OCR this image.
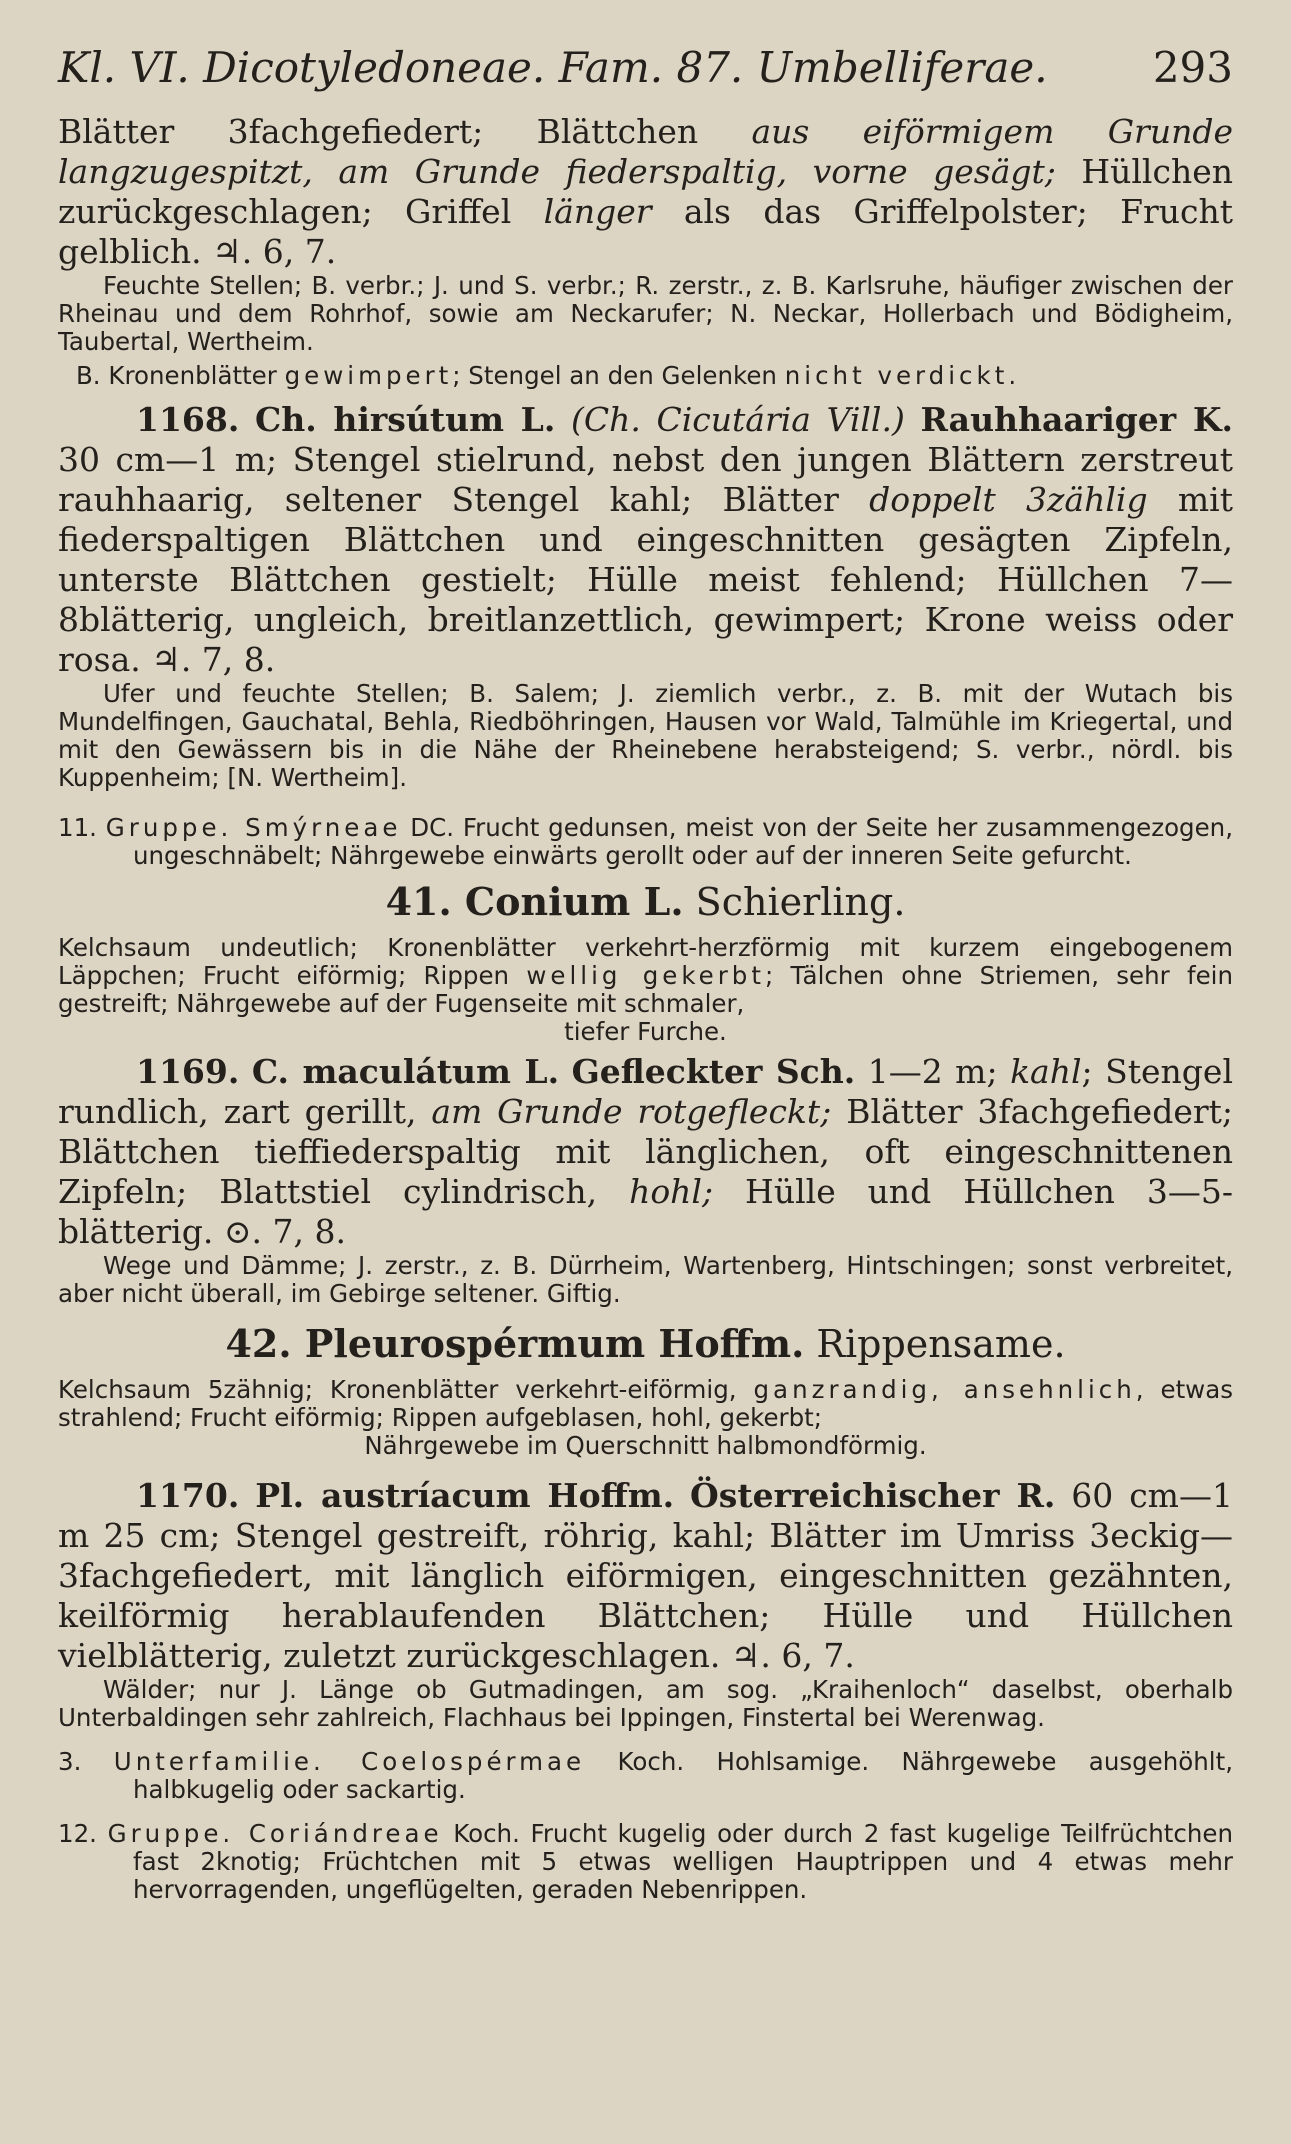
Kl. VI. Dicotyledoneae. Fam. 87. Umbelliferae.	293

Blätter 3fachgefiedert; Blättchen aus eiförmigem Grunde langzugespitzt, am Grunde fiederspaltig, vorne gesägt; Hüllchen zurückgeschlagen; Griffel länger als das Griffelpolster; Frucht gelblich. ♃. 6, 7.

Feuchte Stellen; B. verbr.; J. und S. verbr.; R. zerstr., z. B. Karlsruhe, häufiger zwischen der Rheinau und dem Rohrhof, sowie am Neckarufer; N. Neckar, Hollerbach und Bödigheim, Taubertal, Wertheim.

B. Kronenblätter gewimpert; Stengel an den Gelenken nicht verdickt.

1168. Ch. hirsútum L. (Ch. Cicutária Vill.) Rauhhaariger K. 30 cm—1 m; Stengel stielrund, nebst den jungen Blättern zerstreut rauhhaarig, seltener Stengel kahl; Blätter doppelt 3zählig mit fiederspaltigen Blättchen und eingeschnitten gesägten Zipfeln, unterste Blättchen gestielt; Hülle meist fehlend; Hüllchen 7—8blätterig, ungleich, breitlanzettlich, gewimpert; Krone weiss oder rosa. ♃. 7, 8.

Ufer und feuchte Stellen; B. Salem; J. ziemlich verbr., z. B. mit der Wutach bis Mundelfingen, Gauchatal, Behla, Riedböhringen, Hausen vor Wald, Talmühle im Kriegertal, und mit den Gewässern bis in die Nähe der Rheinebene herabsteigend; S. verbr., nördl. bis Kuppenheim; [N. Wertheim].

11. Gruppe. Smýrneae DC. Frucht gedunsen, meist von der Seite her zusammengezogen, ungeschnäbelt; Nährgewebe einwärts gerollt oder auf der inneren Seite gefurcht.

41. Conium L. Schierling.

Kelchsaum undeutlich; Kronenblätter verkehrt-herzförmig mit kurzem eingebogenem Läppchen; Frucht eiförmig; Rippen wellig gekerbt; Tälchen ohne Striemen, sehr fein gestreift; Nährgewebe auf der Fugenseite mit schmaler,

tiefer Furche.

1169. C. maculátum L. Gefleckter Sch. 1—2 m; kahl; Stengel rundlich, zart gerillt, am Grunde rotgefleckt; Blätter 3fachgefiedert; Blättchen tieffiederspaltig mit länglichen, oft eingeschnittenen Zipfeln; Blattstiel cylindrisch, hohl; Hülle und Hüllchen 3—5-blätterig. ⊙. 7, 8.

Wege und Dämme; J. zerstr., z. B. Dürrheim, Wartenberg, Hintschingen; sonst verbreitet, aber nicht überall, im Gebirge seltener. Giftig.

42. Pleurospérmum Hoffm. Rippensame.

Kelchsaum 5zähnig; Kronenblätter verkehrt-eiförmig, ganzrandig, ansehnlich, etwas strahlend; Frucht eiförmig; Rippen aufgeblasen, hohl, gekerbt;

Nährgewebe im Querschnitt halbmondförmig.

1170. Pl. austríacum Hoffm. Österreichischer R. 60 cm—1 m 25 cm; Stengel gestreift, röhrig, kahl; Blätter im Umriss 3eckig—3fachgefiedert, mit länglich eiförmigen, eingeschnitten gezähnten, keilförmig herablaufenden Blättchen; Hülle und Hüllchen vielblätterig, zuletzt zurückgeschlagen. ♃. 6, 7.

Wälder; nur J. Länge ob Gutmadingen, am sog. „Kraihenloch“ daselbst, oberhalb Unterbaldingen sehr zahlreich, Flachhaus bei Ippingen, Finstertal bei Werenwag.

3. Unterfamilie. Coelospérmae Koch. Hohlsamige. Nährgewebe ausgehöhlt, halbkugelig oder sackartig.

12. Gruppe. Coriándreae Koch. Frucht kugelig oder durch 2 fast kugelige Teilfrüchtchen fast 2knotig; Früchtchen mit 5 etwas welligen Hauptrippen und 4 etwas mehr hervorragenden, ungeflügelten, geraden Nebenrippen.
